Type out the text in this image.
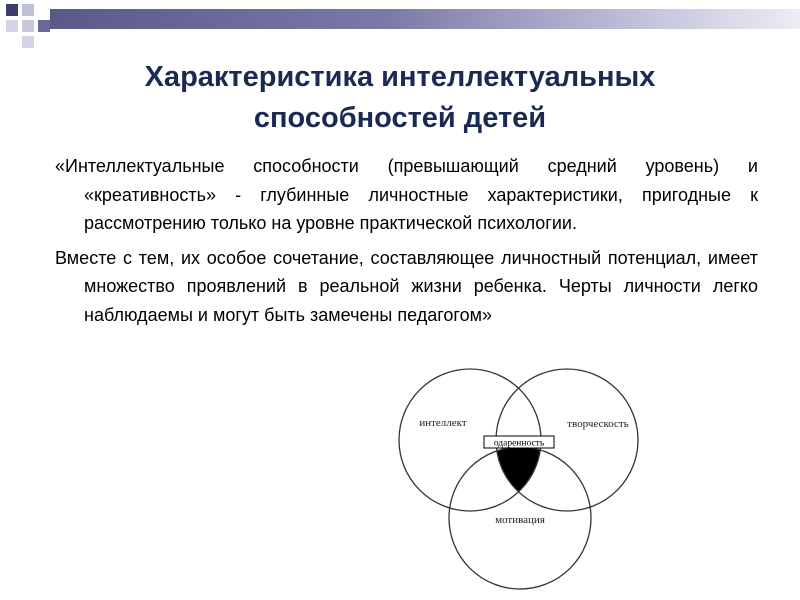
Характеристика интеллектуальных способностей детей

«Интеллектуальные способности (превышающий средний уровень) и «креативность» - глубинные личностные характеристики, пригодные к рассмотрению только на уровне практической психологии.

Вместе с тем, их особое сочетание, составляющее личностный потенциал, имеет множество проявлений в реальной жизни ребенка. Черты личности легко наблюдаемы и могут быть замечены педагогом»

одаренность
интеллект	творческость
мотивация
